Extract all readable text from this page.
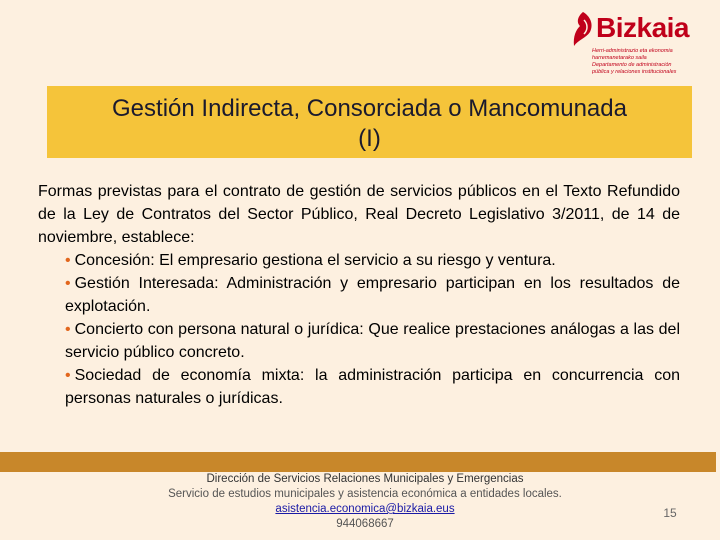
Bizkaia
Herri-administrazio eta ekonomia
harremanetarako saila
Departamento de administración
pública y relaciones institucionales
Gestión Indirecta, Consorciada o Mancomunada
(I)
Formas previstas para el contrato de gestión de servicios públicos en el Texto Refundido de la Ley de Contratos del Sector Público, Real Decreto Legislativo 3/2011, de 14 de noviembre, establece:
• Concesión: El empresario gestiona el servicio a su riesgo y ventura.
• Gestión Interesada: Administración y empresario participan en los resultados de explotación.
• Concierto con persona natural o jurídica: Que realice prestaciones análogas a las del servicio público concreto.
• Sociedad de economía mixta: la administración participa en concurrencia con personas naturales o jurídicas.
Dirección de Servicios Relaciones Municipales y Emergencias
Servicio de estudios municipales y asistencia económica a entidades locales.
asistencia.economica@bizkaia.eus
944068667
15
